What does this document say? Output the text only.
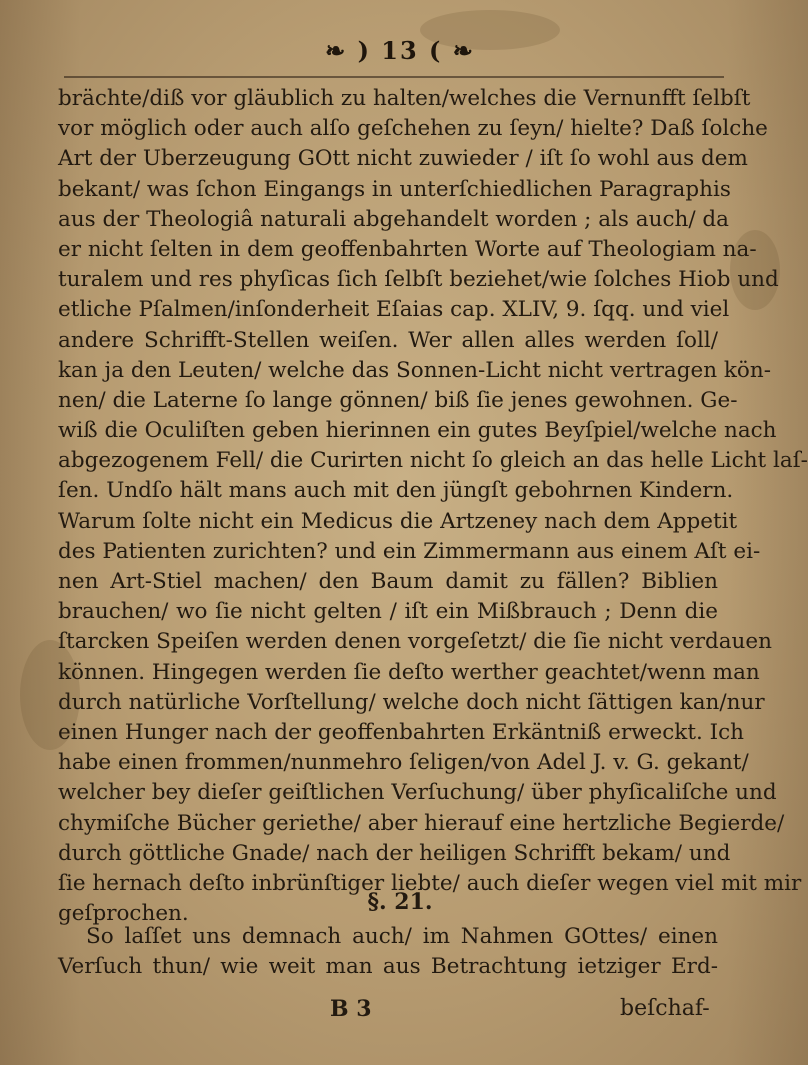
❧ ) 13 ( ❧
brächte/diß vor gläublich zu halten/welches die Vernunfft ſelbſt
vor möglich oder auch alſo geſchehen zu ſeyn/ hielte? Daß ſolche
Art der Uberzeugung GOtt nicht zuwieder / iſt ſo wohl aus dem
bekant/ was ſchon Eingangs in unterſchiedlichen Paragraphis
aus der Theologiâ naturali abgehandelt worden ; als auch/ da
er nicht ſelten in dem geoffenbahrten Worte auf Theologiam na-
turalem und res phyſicas ſich ſelbſt beziehet/wie ſolches Hiob und
etliche Pſalmen/inſonderheit Eſaias cap. XLIV, 9. ſqq. und viel
andere Schrifft-Stellen weiſen. Wer allen alles werden ſoll/
kan ja den Leuten/ welche das Sonnen-Licht nicht vertragen kön-
nen/ die Laterne ſo lange gönnen/ biß ſie jenes gewohnen. Ge-
wiß die Oculiſten geben hierinnen ein gutes Beyſpiel/welche nach
abgezogenem Fell/ die Curirten nicht ſo gleich an das helle Licht laſ-
ſen. Undſo hält mans auch mit den jüngſt gebohrnen Kindern.
Warum ſolte nicht ein Medicus die Artzeney nach dem Appetit
des Patienten zurichten? und ein Zimmermann aus einem Aſt ei-
nen Art-Stiel machen/ den Baum damit zu fällen? Biblien
brauchen/ wo ſie nicht gelten / iſt ein Mißbrauch ; Denn die
ſtarcken Speiſen werden denen vorgeſetzt/ die ſie nicht verdauen
können. Hingegen werden ſie deſto werther geachtet/wenn man
durch natürliche Vorſtellung/ welche doch nicht ſättigen kan/nur
einen Hunger nach der geoffenbahrten Erkäntniß erweckt. Ich
habe einen frommen/nunmehro ſeligen/von Adel J. v. G. gekant/
welcher bey dieſer geiſtlichen Verſuchung/ über phyſicaliſche und
chymiſche Bücher geriethe/ aber hierauf eine hertzliche Begierde/
durch göttliche Gnade/ nach der heiligen Schrifft bekam/ und
ſie hernach deſto inbrünſtiger liebte/ auch dieſer wegen viel mit mir
geſprochen.	§. 21.
So laſſet uns demnach auch/ im Nahmen GOttes/ einen
Verſuch thun/ wie weit man aus Betrachtung ietziger Erd-
B 3	beſchaf-
